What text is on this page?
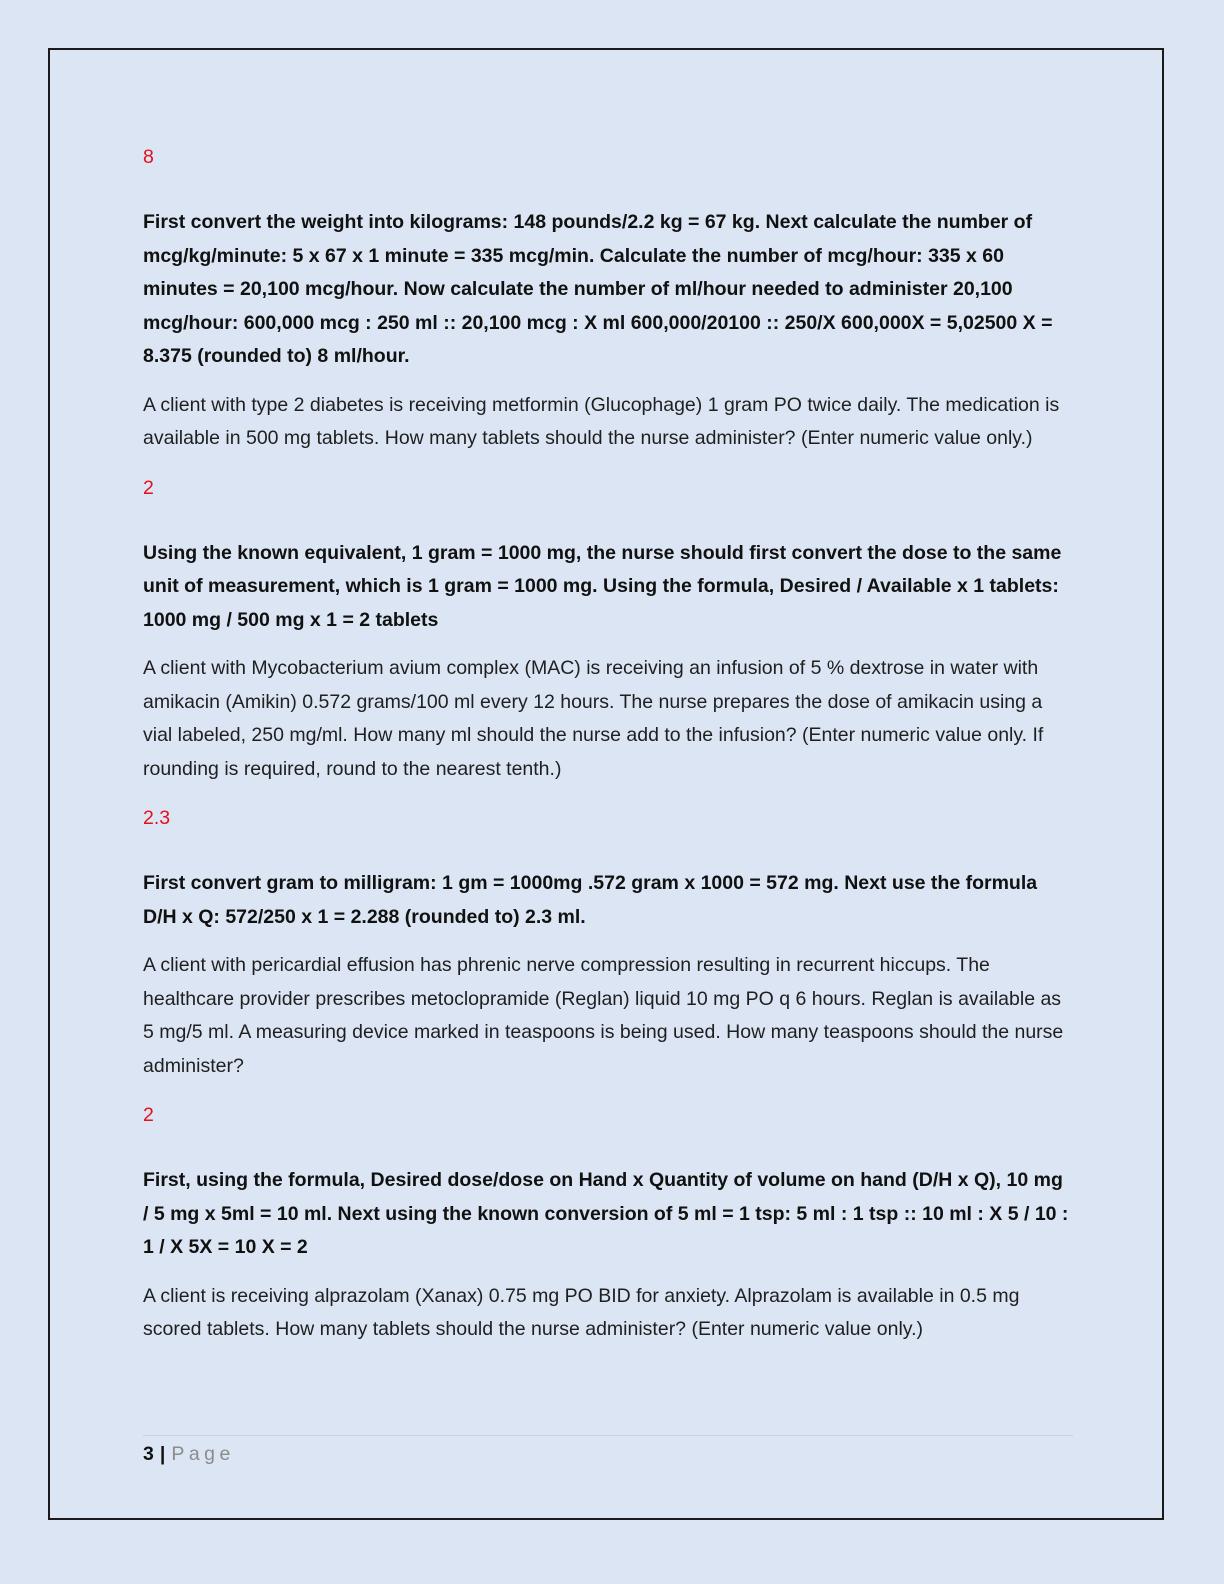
8
First convert the weight into kilograms: 148 pounds/2.2 kg = 67 kg. Next calculate the number of mcg/kg/minute: 5 x 67 x 1 minute = 335 mcg/min. Calculate the number of mcg/hour: 335 x 60 minutes = 20,100 mcg/hour. Now calculate the number of ml/hour needed to administer 20,100 mcg/hour: 600,000 mcg : 250 ml :: 20,100 mcg : X ml 600,000/20100 :: 250/X 600,000X = 5,02500 X = 8.375 (rounded to) 8 ml/hour.
A client with type 2 diabetes is receiving metformin (Glucophage) 1 gram PO twice daily. The medication is available in 500 mg tablets. How many tablets should the nurse administer? (Enter numeric value only.)
2
Using the known equivalent, 1 gram = 1000 mg, the nurse should first convert the dose to the same unit of measurement, which is 1 gram = 1000 mg. Using the formula, Desired / Available x 1 tablets: 1000 mg / 500 mg x 1 = 2 tablets
A client with Mycobacterium avium complex (MAC) is receiving an infusion of 5 % dextrose in water with amikacin (Amikin) 0.572 grams/100 ml every 12 hours. The nurse prepares the dose of amikacin using a vial labeled, 250 mg/ml. How many ml should the nurse add to the infusion? (Enter numeric value only. If rounding is required, round to the nearest tenth.)
2.3
First convert gram to milligram: 1 gm = 1000mg .572 gram x 1000 = 572 mg. Next use the formula D/H x Q: 572/250 x 1 = 2.288 (rounded to) 2.3 ml.
A client with pericardial effusion has phrenic nerve compression resulting in recurrent hiccups. The healthcare provider prescribes metoclopramide (Reglan) liquid 10 mg PO q 6 hours. Reglan is available as 5 mg/5 ml. A measuring device marked in teaspoons is being used. How many teaspoons should the nurse administer?
2
First, using the formula, Desired dose/dose on Hand x Quantity of volume on hand (D/H x Q), 10 mg / 5 mg x 5ml = 10 ml. Next using the known conversion of 5 ml = 1 tsp: 5 ml : 1 tsp :: 10 ml : X 5 / 10 : 1 / X 5X = 10 X = 2
A client is receiving alprazolam (Xanax) 0.75 mg PO BID for anxiety. Alprazolam is available in 0.5 mg scored tablets. How many tablets should the nurse administer? (Enter numeric value only.)
3 | Page
